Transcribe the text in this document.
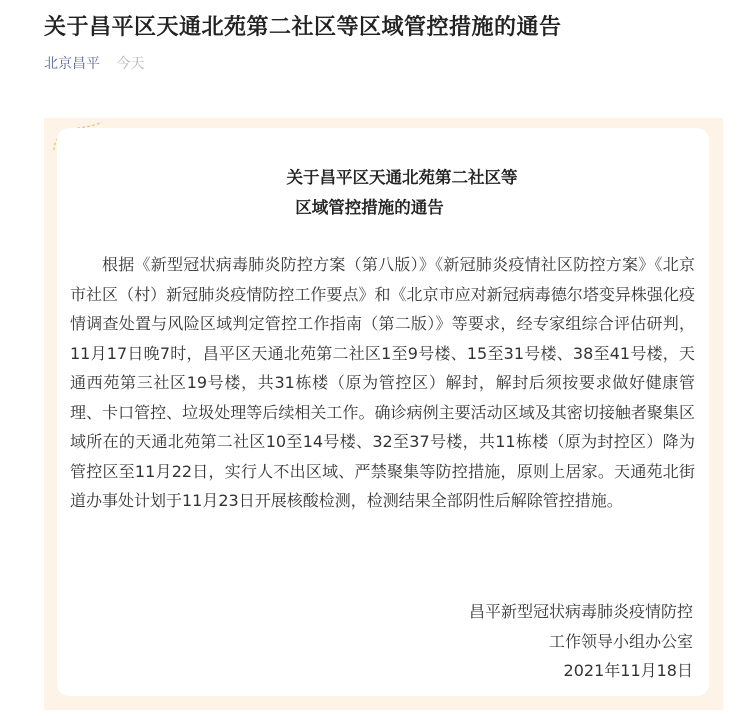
关于昌平区天通北苑第二社区等区域管控措施的通告
北京昌平 今天
关于昌平区天通北苑第二社区等
区域管控措施的通告

根据《新型冠状病毒肺炎防控方案（第八版）》《新冠肺炎疫情社区防控方案》《北京市社区（村）新冠肺炎疫情防控工作要点》和《北京市应对新冠病毒德尔塔变异株强化疫情调查处置与风险区域判定管控工作指南（第二版）》等要求，经专家组综合评估研判，11月17日晚7时，昌平区天通北苑第二社区1至9号楼、15至31号楼、38至41号楼，天通西苑第三社区19号楼，共31栋楼（原为管控区）解封，解封后须按要求做好健康管理、卡口管控、垃圾处理等后续相关工作。确诊病例主要活动区域及其密切接触者聚集区域所在的天通北苑第二社区10至14号楼、32至37号楼，共11栋楼（原为封控区）降为管控区至11月22日，实行人不出区域、严禁聚集等防控措施，原则上居家。天通苑北街道办事处计划于11月23日开展核酸检测，检测结果全部阴性后解除管控措施。

昌平新型冠状病毒肺炎疫情防控
工作领导小组办公室
2021年11月18日
